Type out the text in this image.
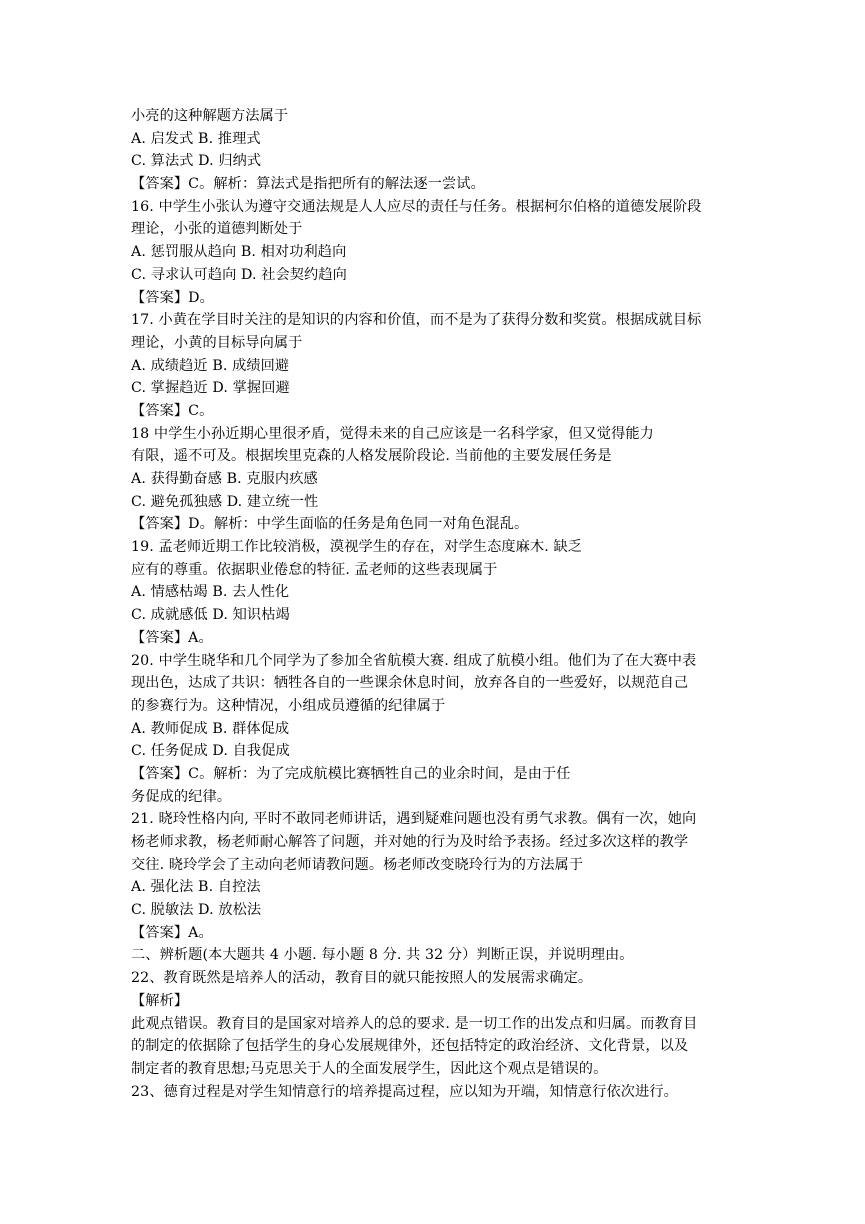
小亮的这种解题方法属于
A. 启发式 B. 推理式
C. 算法式 D. 归纳式
【答案】C。解析：算法式是指把所有的解法逐一尝试。
16. 中学生小张认为遵守交通法规是人人应尽的责任与任务。根据柯尔伯格的道德发展阶段
理论，小张的道德判断处于
A. 惩罚服从趋向 B. 相对功利趋向
C. 寻求认可趋向 D. 社会契约趋向
【答案】D。
17. 小黄在学目时关注的是知识的内容和价值，而不是为了获得分数和奖赏。根据成就目标
理论，小黄的目标导向属于
A. 成绩趋近 B. 成绩回避
C. 掌握趋近 D. 掌握回避
【答案】C。
18 中学生小孙近期心里很矛盾，觉得未来的自己应该是一名科学家，但又觉得能力
有限，遥不可及。根据埃里克森的人格发展阶段论. 当前他的主要发展任务是
A. 获得勤奋感 B. 克服内疚感
C. 避免孤独感 D. 建立统一性
【答案】D。解析：中学生面临的任务是角色同一对角色混乱。
19. 孟老师近期工作比较消极，漠视学生的存在，对学生态度麻木. 缺乏
应有的尊重。依据职业倦怠的特征. 孟老师的这些表现属于
A. 情感枯竭 B. 去人性化
C. 成就感低 D. 知识枯竭
【答案】A。
20. 中学生晓华和几个同学为了参加全省航模大赛. 组成了航模小组。他们为了在大赛中表
现出色，达成了共识：牺牲各自的一些课余休息时间，放弃各自的一些爱好，以规范自己
的参赛行为。这种情况，小组成员遵循的纪律属于
A. 教师促成 B. 群体促成
C. 任务促成 D. 自我促成
【答案】C。解析：为了完成航模比赛牺牲自己的业余时间，是由于任
务促成的纪律。
21. 晓玲性格内向, 平时不敢同老师讲话，遇到疑难问题也没有勇气求教。偶有一次，她向
杨老师求教，杨老师耐心解答了问题，并对她的行为及时给予表扬。经过多次这样的教学
交往. 晓玲学会了主动向老师请教问题。杨老师改变晓玲行为的方法属于
A. 强化法 B. 自控法
C. 脱敏法 D. 放松法
【答案】A。
二、辨析题(本大题共 4 小题. 每小题 8 分. 共 32 分）判断正误，并说明理由。
22、教育既然是培养人的活动，教育目的就只能按照人的发展需求确定。
【解析】
此观点错误。教育目的是国家对培养人的总的要求. 是一切工作的出发点和归属。而教育目
的制定的依据除了包括学生的身心发展规律外，还包括特定的政治经济、文化背景，以及
制定者的教育思想;马克思关于人的全面发展学生，因此这个观点是错误的。
23、德育过程是对学生知情意行的培养提高过程，应以知为开端，知情意行依次进行。
